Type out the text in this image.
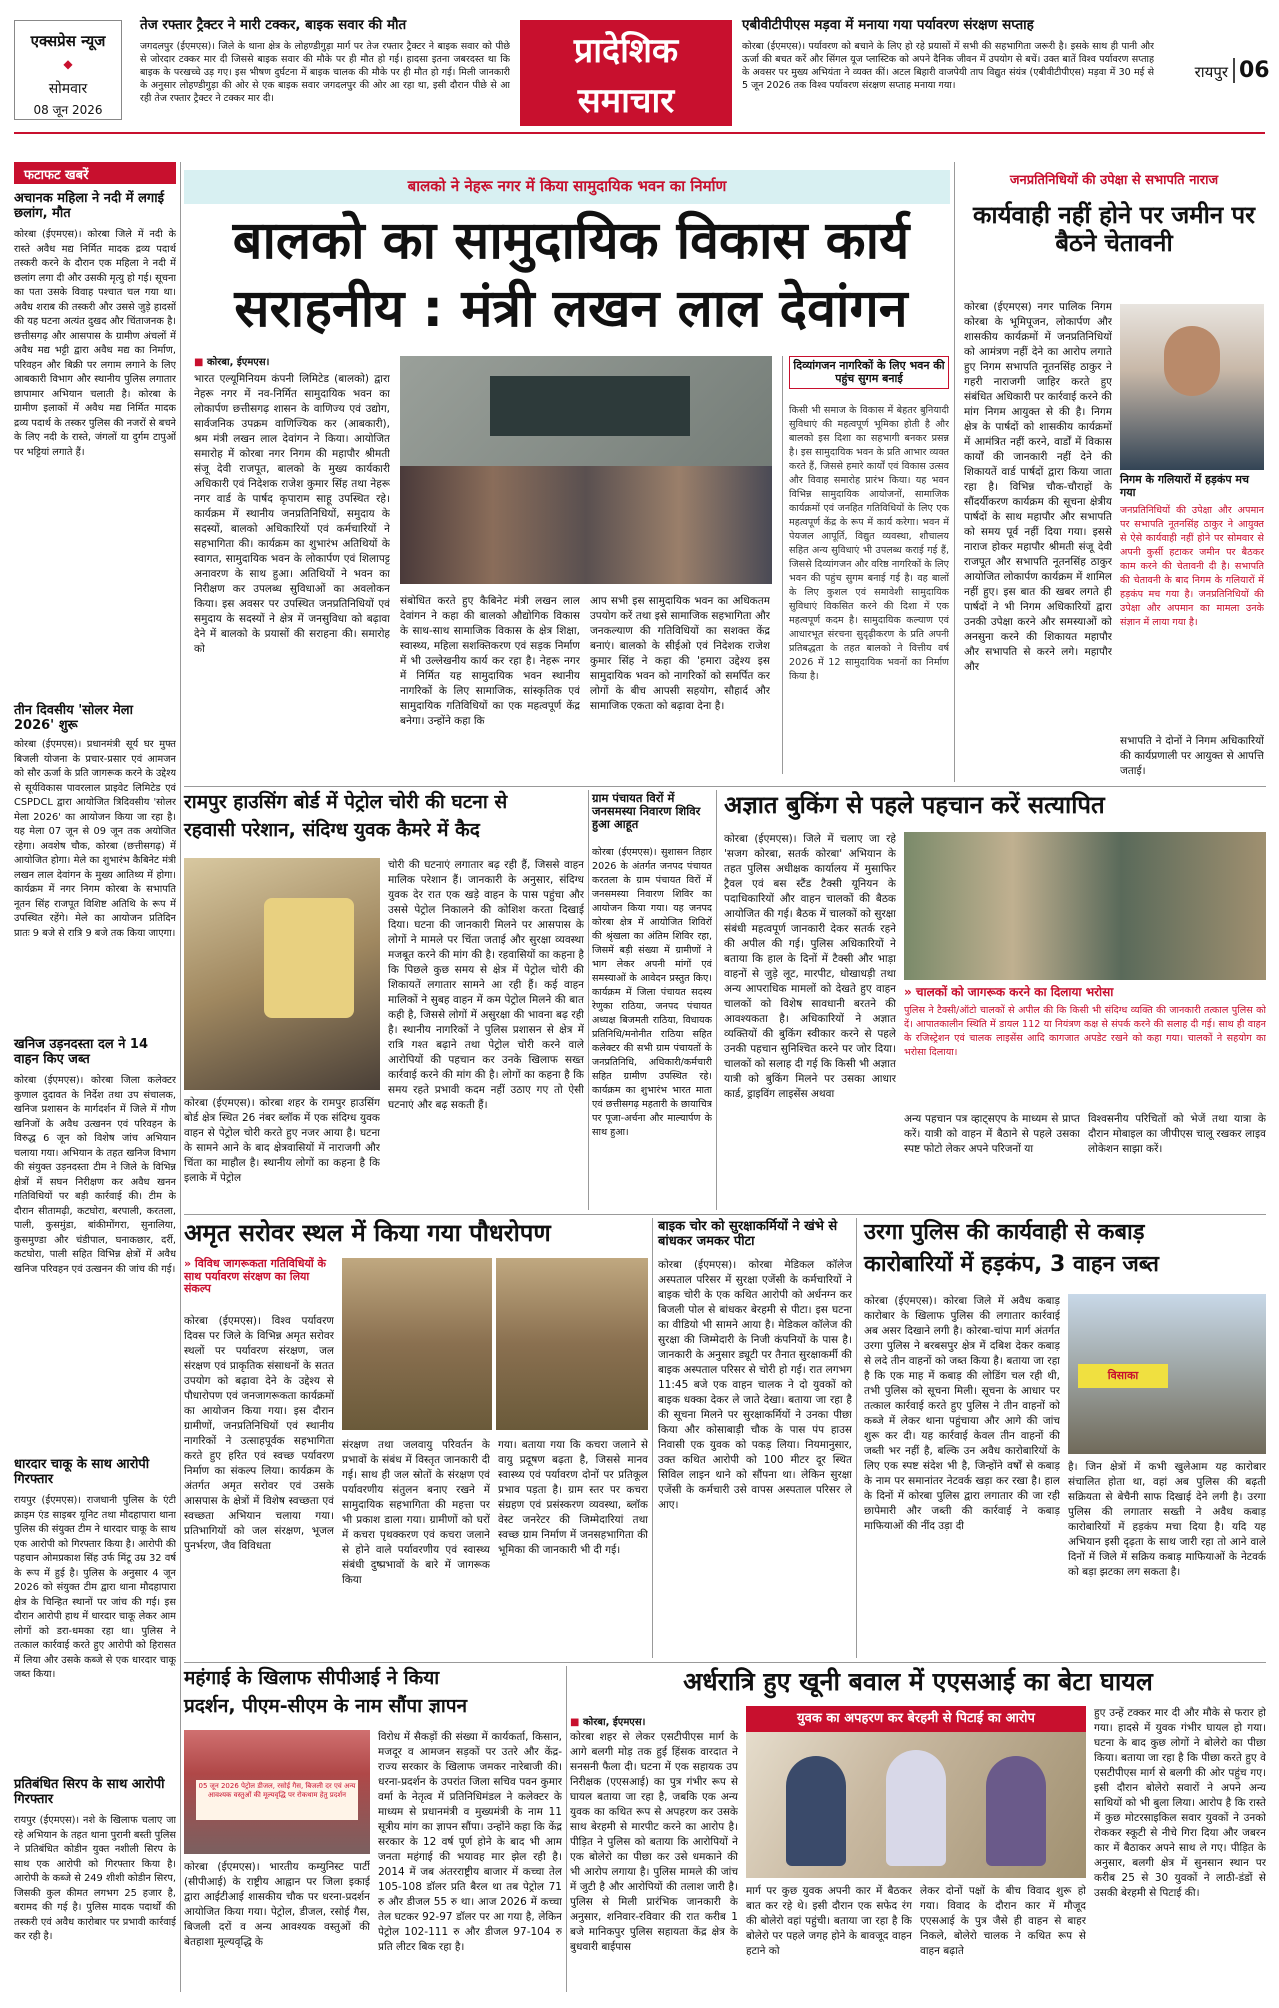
एक्सप्रेस न्यूज
◆
सोमवार
08 जून 2026
तेज रफ्तार ट्रैक्टर ने मारी टक्कर, बाइक सवार की मौत
जगदलपुर (ईएमएस)। जिले के थाना क्षेत्र के लोहण्डीगुड़ा मार्ग पर तेज रफ्तार ट्रैक्टर ने बाइक सवार को पीछे से जोरदार टक्कर मार दी जिससे बाइक सवार की मौके पर ही मौत हो गई। हादसा इतना जबरदस्त था कि बाइक के परखच्चे उड़ गए। इस भीषण दुर्घटना में बाइक चालक की मौके पर ही मौत हो गई। मिली जानकारी के अनुसार लोहण्डीगुड़ा की ओर से एक बाइक सवार जगदलपुर की ओर आ रहा था, इसी दौरान पीछे से आ रही तेज रफ्तार ट्रैक्टर ने टक्कर मार दी।
प्रादेशिक
समाचार
एबीवीटीपीएस मड़वा में मनाया गया पर्यावरण संरक्षण सप्ताह
कोरबा (ईएमएस)। पर्यावरण को बचाने के लिए हो रहे प्रयासों में सभी की सहभागिता जरूरी है। इसके साथ ही पानी और ऊर्जा की बचत करें और सिंगल यूज प्लास्टिक को अपने दैनिक जीवन में उपयोग से बचें। उक्त बातें विश्व पर्यावरण सप्ताह के अवसर पर मुख्य अभियंता ने व्यक्त कीं। अटल बिहारी वाजपेयी ताप विद्युत संयंत्र (एबीवीटीपीएस) मड़वा में 30 मई से 5 जून 2026 तक विश्व पर्यावरण संरक्षण सप्ताह मनाया गया।
रायपुर 06
फटाफट खबरें
अचानक महिला ने नदी में लगाई छलांग, मौत
कोरबा (ईएमएस)। कोरबा जिले में नदी के रास्ते अवैध मद्य निर्मित मादक द्रव्य पदार्थ तस्करी करने के दौरान एक महिला ने नदी में छलांग लगा दी और उसकी मृत्यु हो गई। सूचना का पता उसके विवाह पश्चात चल गया था। अवैध शराब की तस्करी और उससे जुड़े हादसों की यह घटना अत्यंत दुखद और चिंताजनक है। छत्तीसगढ़ और आसपास के ग्रामीण अंचलों में अवैध मद्य भट्टी द्वारा अवैध मद्य का निर्माण, परिवहन और बिक्री पर लगाम लगाने के लिए आबकारी विभाग और स्थानीय पुलिस लगातार छापामार अभियान चलाती है। कोरबा के ग्रामीण इलाकों में अवैध मद्य निर्मित मादक द्रव्य पदार्थ के तस्कर पुलिस की नजरों से बचने के लिए नदी के रास्ते, जंगलों या दुर्गम टापुओं पर भट्टियां लगाते हैं।
तीन दिवसीय 'सोलर मेला 2026' शुरू
कोरबा (ईएमएस)। प्रधानमंत्री सूर्य घर मुफ्त बिजली योजना के प्रचार-प्रसार एवं आमजन को सौर ऊर्जा के प्रति जागरूक करने के उद्देश्य से सूर्यविकास पावरलाल प्राइवेट लिमिटेड एवं CSPDCL द्वारा आयोजित त्रिदिवसीय 'सोलर मेला 2026' का आयोजन किया जा रहा है। यह मेला 07 जून से 09 जून तक अयोजित रहेगा। अवशेष चौक, कोरबा (छत्तीसगढ़) में आयोजित होगा। मेले का शुभारंभ कैबिनेट मंत्री लखन लाल देवांगन के मुख्य आतिथ्य में होगा। कार्यक्रम में नगर निगम कोरबा के सभापति नूतन सिंह राजपूत विशिष्ट अतिथि के रूप में उपस्थित रहेंगे। मेले का आयोजन प्रतिदिन प्रातः 9 बजे से रात्रि 9 बजे तक किया जाएगा।
खनिज उड़नदस्ता दल ने 14 वाहन किए जब्त
कोरबा (ईएमएस)। कोरबा जिला कलेक्टर कुणाल दुदावत के निर्देश तथा उप संचालक, खनिज प्रशासन के मार्गदर्शन में जिले में गौण खनिजों के अवैध उत्खनन एवं परिवहन के विरुद्ध 6 जून को विशेष जांच अभियान चलाया गया। अभियान के तहत खनिज विभाग की संयुक्त उड़नदस्ता टीम ने जिले के विभिन्न क्षेत्रों में सघन निरीक्षण कर अवैध खनन गतिविधियों पर बड़ी कार्रवाई की। टीम के दौरान सीतामढ़ी, कटघोरा, बरपाली, करतला, पाली, कुसमुंडा, बांकीमोंगरा, सुनालिया, कुसमुण्डा और चंडीपाल, घनाकछार, दर्री, कटघोरा, पाली सहित विभिन्न क्षेत्रों में अवैध खनिज परिवहन एवं उत्खनन की जांच की गई।
धारदार चाकू के साथ आरोपी गिरफ्तार
रायपुर (ईएमएस)। राजधानी पुलिस के एंटी क्राइम एंड साइबर यूनिट तथा मौदहापारा थाना पुलिस की संयुक्त टीम ने धारदार चाकू के साथ एक आरोपी को गिरफ्तार किया है। आरोपी की पहचान ओमप्रकाश सिंह उर्फ मिंटू उम्र 32 वर्ष के रूप में हुई है। पुलिस के अनुसार 4 जून 2026 को संयुक्त टीम द्वारा थाना मौदहापारा क्षेत्र के चिन्हित स्थानों पर जांच की गई। इस दौरान आरोपी हाथ में धारदार चाकू लेकर आम लोगों को डरा-धमका रहा था। पुलिस ने तत्काल कार्रवाई करते हुए आरोपी को हिरासत में लिया और उसके कब्जे से एक धारदार चाकू जब्त किया।
प्रतिबंधित सिरप के साथ आरोपी गिरफ्तार
रायपुर (ईएमएस)। नशे के खिलाफ चलाए जा रहे अभियान के तहत थाना पुरानी बस्ती पुलिस ने प्रतिबंधित कोडीन युक्त नशीली सिरप के साथ एक आरोपी को गिरफ्तार किया है। आरोपी के कब्जे से 249 शीशी कोडीन सिरप, जिसकी कुल कीमत लगभग 25 हजार है, बरामद की गई है। पुलिस मादक पदार्थों की तस्करी एवं अवैध कारोबार पर प्रभावी कार्रवाई कर रही है।
बालको ने नेहरू नगर में किया सामुदायिक भवन का निर्माण
बालको का सामुदायिक विकास कार्य
सराहनीय : मंत्री लखन लाल देवांगन
■ कोरबा, ईएमएस।
भारत एल्यूमिनियम कंपनी लिमिटेड (बालको) द्वारा नेहरू नगर में नव-निर्मित सामुदायिक भवन का लोकार्पण छत्तीसगढ़ शासन के वाणिज्य एवं उद्योग, सार्वजनिक उपक्रम वाणिज्यिक कर (आबकारी), श्रम मंत्री लखन लाल देवांगन ने किया। आयोजित समारोह में कोरबा नगर निगम की महापौर श्रीमती संजू देवी राजपूत, बालको के मुख्य कार्यकारी अधिकारी एवं निदेशक राजेश कुमार सिंह तथा नेहरू नगर वार्ड के पार्षद कृपाराम साहू उपस्थित रहे। कार्यक्रम में स्थानीय जनप्रतिनिधियों, समुदाय के सदस्यों, बालको अधिकारियों एवं कर्मचारियों ने सहभागिता की। कार्यक्रम का शुभारंभ अतिथियों के स्वागत, सामुदायिक भवन के लोकार्पण एवं शिलापट्ट अनावरण के साथ हुआ। अतिथियों ने भवन का निरीक्षण कर उपलब्ध सुविधाओं का अवलोकन किया। इस अवसर पर उपस्थित जनप्रतिनिधियों एवं समुदाय के सदस्यों ने क्षेत्र में जनसुविधा को बढ़ावा देने में बालको के प्रयासों की सराहना की। समारोह को
संबोधित करते हुए कैबिनेट मंत्री लखन लाल देवांगन ने कहा की बालको औद्योगिक विकास के साथ-साथ सामाजिक विकास के क्षेत्र शिक्षा, स्वास्थ्य, महिला सशक्तिकरण एवं सड़क निर्माण में भी उल्लेखनीय कार्य कर रहा है। नेहरू नगर में निर्मित यह सामुदायिक भवन स्थानीय नागरिकों के लिए सामाजिक, सांस्कृतिक एवं सामुदायिक गतिविधियों का एक महत्वपूर्ण केंद्र बनेगा। उन्होंने कहा कि
आप सभी इस सामुदायिक भवन का अधिकतम उपयोग करें तथा इसे सामाजिक सहभागिता और जनकल्याण की गतिविधियों का सशक्त केंद्र बनाएं। बालको के सीईओ एवं निदेशक राजेश कुमार सिंह ने कहा की 'हमारा उद्देश्य इस सामुदायिक भवन को नागरिकों को समर्पित कर लोगों के बीच आपसी सहयोग, सौहार्द और सामाजिक एकता को बढ़ावा देना है।
दिव्यांगजन नागरिकों के लिए भवन की पहुंच सुगम बनाई
किसी भी समाज के विकास में बेहतर बुनियादी सुविधाएं की महत्वपूर्ण भूमिका होती है और बालको इस दिशा का सहभागी बनकर प्रसन्न है। इस सामुदायिक भवन के प्रति आभार व्यक्त करते हैं, जिससे हमारे कार्यों एवं विकास उत्सव और विवाह समारोह प्रारंभ किया। यह भवन विभिन्न सामुदायिक आयोजनों, सामाजिक कार्यक्रमों एवं जनहित गतिविधियों के लिए एक महत्वपूर्ण केंद्र के रूप में कार्य करेगा। भवन में पेयजल आपूर्ति, विद्युत व्यवस्था, शौचालय सहित अन्य सुविधाएं भी उपलब्ध कराई गई हैं, जिससे दिव्यांगजन और वरिष्ठ नागरिकों के लिए भवन की पहुंच सुगम बनाई गई है। वह बालों के लिए कुशल एवं समावेशी सामुदायिक सुविधाएं विकसित करने की दिशा में एक महत्वपूर्ण कदम है। सामुदायिक कल्याण एवं आधारभूत संरचना सुदृढ़ीकरण के प्रति अपनी प्रतिबद्धता के तहत बालको ने वित्तीय वर्ष 2026 में 12 सामुदायिक भवनों का निर्माण किया है।
जनप्रतिनिधियों की उपेक्षा से सभापति नाराज
कार्यवाही नहीं होने पर जमीन पर बैठने चेतावनी
कोरबा (ईएमएस) नगर पालिक निगम कोरबा के भूमिपूजन, लोकार्पण और शासकीय कार्यक्रमों में जनप्रतिनिधियों को आमंत्रण नहीं देने का आरोप लगाते हुए निगम सभापति नूतनसिंह ठाकुर ने गहरी नाराजगी जाहिर करते हुए संबंधित अधिकारी पर कार्रवाई करने की मांग निगम आयुक्त से की है। निगम क्षेत्र के पार्षदों को शासकीय कार्यक्रमों में आमंत्रित नहीं करने, वार्डों में विकास कार्यों की जानकारी नहीं देने की शिकायतें वार्ड पार्षदों द्वारा किया जाता रहा है। विभिन्न चौक-चौराहों के सौंदर्यीकरण कार्यक्रम की सूचना क्षेत्रीय पार्षदों के साथ महापौर और सभापति को समय पूर्व नहीं दिया गया। इससे नाराज होकर महापौर श्रीमती संजू देवी राजपूत और सभापति नूतनसिंह ठाकुर आयोजित लोकार्पण कार्यक्रम में शामिल नहीं हुए। इस बात की खबर लगते ही पार्षदों ने भी निगम अधिकारियों द्वारा उनकी उपेक्षा करने और समस्याओं को अनसुना करने की शिकायत महापौर और सभापति से करने लगे। महापौर और
निगम के गलियारों में हड़कंप मच गया
जनप्रतिनिधियों की उपेक्षा और अपमान पर सभापति नूतनसिंह ठाकुर ने आयुक्त से ऐसे कार्यवाही नहीं होने पर सोमवार से अपनी कुर्सी हटाकर जमीन पर बैठकर काम करने की चेतावनी दी है। सभापति की चेतावनी के बाद निगम के गलियारों में हड़कंप मच गया है। जनप्रतिनिधियों की उपेक्षा और अपमान का मामला उनके संज्ञान में लाया गया है।
सभापति ने दोनों ने निगम अधिकारियों की कार्यप्रणाली पर आयुक्त से आपत्ति जताई।
रामपुर हाउसिंग बोर्ड में पेट्रोल चोरी की घटना से
रहवासी परेशान, संदिग्ध युवक कैमरे में कैद
कोरबा (ईएमएस)। कोरबा शहर के रामपुर हाउसिंग बोर्ड क्षेत्र स्थित 26 नंबर ब्लॉक में एक संदिग्ध युवक वाहन से पेट्रोल चोरी करते हुए नजर आया है। घटना के सामने आने के बाद क्षेत्रवासियों में नाराजगी और चिंता का माहौल है। स्थानीय लोगों का कहना है कि इलाके में पेट्रोल
चोरी की घटनाएं लगातार बढ़ रही हैं, जिससे वाहन मालिक परेशान हैं। जानकारी के अनुसार, संदिग्ध युवक देर रात एक खड़े वाहन के पास पहुंचा और उससे पेट्रोल निकालने की कोशिश करता दिखाई दिया। घटना की जानकारी मिलने पर आसपास के लोगों ने मामले पर चिंता जताई और सुरक्षा व्यवस्था मजबूत करने की मांग की है। रहवासियों का कहना है कि पिछले कुछ समय से क्षेत्र में पेट्रोल चोरी की शिकायतें लगातार सामने आ रही हैं। कई वाहन मालिकों ने सुबह वाहन में कम पेट्रोल मिलने की बात कही है, जिससे लोगों में असुरक्षा की भावना बढ़ रही है। स्थानीय नागरिकों ने पुलिस प्रशासन से क्षेत्र में रात्रि गश्त बढ़ाने तथा पेट्रोल चोरी करने वाले आरोपियों की पहचान कर उनके खिलाफ सख्त कार्रवाई करने की मांग की है। लोगों का कहना है कि समय रहते प्रभावी कदम नहीं उठाए गए तो ऐसी घटनाएं और बढ़ सकती हैं।
ग्राम पंचायत विरों में जनसमस्या निवारण शिविर हुआ आहूत
कोरबा (ईएमएस)। सुशासन तिहार 2026 के अंतर्गत जनपद पंचायत करतला के ग्राम पंचायत विरों में जनसमस्या निवारण शिविर का आयोजन किया गया। यह जनपद कोरबा क्षेत्र में आयोजित शिविरों की श्रृंखला का अंतिम शिविर रहा, जिसमें बड़ी संख्या में ग्रामीणों ने भाग लेकर अपनी मांगों एवं समस्याओं के आवेदन प्रस्तुत किए। कार्यक्रम में जिला पंचायत सदस्य रेणुका राठिया, जनपद पंचायत अध्यक्ष बिजमती राठिया, विधायक प्रतिनिधि/मनोनीत राठिया सहित कलेक्टर की सभी ग्राम पंचायतों के जनप्रतिनिधि, अधिकारी/कर्मचारी सहित ग्रामीण उपस्थित रहे। कार्यक्रम का शुभारंभ भारत माता एवं छत्तीसगढ़ महतारी के छायाचित्र पर पूजा-अर्चना और माल्यार्पण के साथ हुआ।
अज्ञात बुकिंग से पहले पहचान करें सत्यापित
कोरबा (ईएमएस)। जिले में चलाए जा रहे 'सजग कोरबा, सतर्क कोरबा' अभियान के तहत पुलिस अधीक्षक कार्यालय में मुसाफिर ट्रैवल एवं बस स्टैंड टैक्सी यूनियन के पदाधिकारियों और वाहन चालकों की बैठक आयोजित की गई। बैठक में चालकों को सुरक्षा संबंधी महत्वपूर्ण जानकारी देकर सतर्क रहने की अपील की गई। पुलिस अधिकारियों ने बताया कि हाल के दिनों में टैक्सी और भाड़ा वाहनों से जुड़े लूट, मारपीट, धोखाधड़ी तथा अन्य आपराधिक मामलों को देखते हुए वाहन चालकों को विशेष सावधानी बरतने की आवश्यकता है। अधिकारियों ने अज्ञात व्यक्तियों की बुकिंग स्वीकार करने से पहले उनकी पहचान सुनिश्चित करने पर जोर दिया। चालकों को सलाह दी गई कि किसी भी अज्ञात यात्री को बुकिंग मिलने पर उसका आधार कार्ड, ड्राइविंग लाइसेंस अथवा
» चालकों को जागरूक करने का दिलाया भरोसा
पुलिस ने टैक्सी/ऑटो चालकों से अपील की कि किसी भी संदिग्ध व्यक्ति की जानकारी तत्काल पुलिस को दें। आपातकालीन स्थिति में डायल 112 या नियंत्रण कक्ष से संपर्क करने की सलाह दी गई। साथ ही वाहन के रजिस्ट्रेशन एवं चालक लाइसेंस आदि कागजात अपडेट रखने को कहा गया। चालकों ने सहयोग का भरोसा दिलाया।
अन्य पहचान पत्र व्हाट्सएप के माध्यम से प्राप्त करें। यात्री को वाहन में बैठाने से पहले उसका स्पष्ट फोटो लेकर अपने परिजनों या
विश्वसनीय परिचितों को भेजें तथा यात्रा के दौरान मोबाइल का जीपीएस चालू रखकर लाइव लोकेशन साझा करें।
अमृत सरोवर स्थल में किया गया पौधरोपण
» विविध जागरूकता गतिविधियों के साथ पर्यावरण संरक्षण का लिया संकल्प
कोरबा (ईएमएस)। विश्व पर्यावरण दिवस पर जिले के विभिन्न अमृत सरोवर स्थलों पर पर्यावरण संरक्षण, जल संरक्षण एवं प्राकृतिक संसाधनों के सतत उपयोग को बढ़ावा देने के उद्देश्य से पौधारोपण एवं जनजागरूकता कार्यक्रमों का आयोजन किया गया। इस दौरान ग्रामीणों, जनप्रतिनिधियों एवं स्थानीय नागरिकों ने उत्साहपूर्वक सहभागिता करते हुए हरित एवं स्वच्छ पर्यावरण निर्माण का संकल्प लिया। कार्यक्रम के अंतर्गत अमृत सरोवर एवं उसके आसपास के क्षेत्रों में विशेष स्वच्छता एवं स्वच्छता अभियान चलाया गया। प्रतिभागियों को जल संरक्षण, भूजल पुनर्भरण, जैव विविधता
संरक्षण तथा जलवायु परिवर्तन के प्रभावों के संबंध में विस्तृत जानकारी दी गई। साथ ही जल स्रोतों के संरक्षण एवं पर्यावरणीय संतुलन बनाए रखने में सामुदायिक सहभागिता की महत्ता पर भी प्रकाश डाला गया। ग्रामीणों को घरों में कचरा पृथक्करण एवं कचरा जलाने से होने वाले पर्यावरणीय एवं स्वास्थ्य संबंधी दुष्प्रभावों के बारे में जागरूक किया
गया। बताया गया कि कचरा जलाने से वायु प्रदूषण बढ़ता है, जिससे मानव स्वास्थ्य एवं पर्यावरण दोनों पर प्रतिकूल प्रभाव पड़ता है। ग्राम स्तर पर कचरा संग्रहण एवं प्रसंस्करण व्यवस्था, ब्लॉक वेस्ट जनरेटर की जिम्मेदारियां तथा स्वच्छ ग्राम निर्माण में जनसहभागिता की भूमिका की जानकारी भी दी गई।
बाइक चोर को सुरक्षाकर्मियों ने खंभे से बांधकर जमकर पीटा
कोरबा (ईएमएस)। कोरबा मेडिकल कॉलेज अस्पताल परिसर में सुरक्षा एजेंसी के कर्मचारियों ने बाइक चोरी के एक कथित आरोपी को अर्धनग्न कर बिजली पोल से बांधकर बेरहमी से पीटा। इस घटना का वीडियो भी सामने आया है। मेडिकल कॉलेज की सुरक्षा की जिम्मेदारी के निजी कंपनियों के पास है। जानकारी के अनुसार ड्यूटी पर तैनात सुरक्षाकर्मी की बाइक अस्पताल परिसर से चोरी हो गई। रात लगभग 11:45 बजे एक वाहन चालक ने दो युवकों को बाइक धक्का देकर ले जाते देखा। बताया जा रहा है की सूचना मिलने पर सुरक्षाकर्मियों ने उनका पीछा किया और कोसाबाड़ी चौक के पास पंप हाउस निवासी एक युवक को पकड़ लिया। नियमानुसार, उक्त कथित आरोपी को 100 मीटर दूर स्थित सिविल लाइन थाने को सौंपना था। लेकिन सुरक्षा एजेंसी के कर्मचारी उसे वापस अस्पताल परिसर ले आए।
उरगा पुलिस की कार्यवाही से कबाड़
कारोबारियों में हड़कंप, 3 वाहन जब्त
कोरबा (ईएमएस)। कोरबा जिले में अवैध कबाड़ कारोबार के खिलाफ पुलिस की लगातार कार्रवाई अब असर दिखाने लगी है। कोरबा-चांपा मार्ग अंतर्गत उरगा पुलिस ने बरबसपुर क्षेत्र में दबिश देकर कबाड़ से लदे तीन वाहनों को जब्त किया है। बताया जा रहा है कि एक माह में कबाड़ की लोडिंग चल रही थी, तभी पुलिस को सूचना मिली। सूचना के आधार पर तत्काल कार्रवाई करते हुए पुलिस ने तीन वाहनों को कब्जे में लेकर थाना पहुंचाया और आगे की जांच शुरू कर दी। यह कार्रवाई केवल तीन वाहनों की जब्ती भर नहीं है, बल्कि उन अवैध कारोबारियों के लिए एक स्पष्ट संदेश भी है, जिन्होंने वर्षों से कबाड़ के नाम पर समानांतर नेटवर्क खड़ा कर रखा है। हाल के दिनों में कोरबा पुलिस द्वारा लगातार की जा रही छापेमारी और जब्ती की कार्रवाई ने कबाड़ माफियाओं की नींद उड़ा दी
विसाका
है। जिन क्षेत्रों में कभी खुलेआम यह कारोबार संचालित होता था, वहां अब पुलिस की बढ़ती सक्रियता से बेचैनी साफ दिखाई देने लगी है। उरगा पुलिस की लगातार सख्ती ने अवैध कबाड़ कारोबारियों में हड़कंप मचा दिया है। यदि यह अभियान इसी दृढ़ता के साथ जारी रहा तो आने वाले दिनों में जिले में सक्रिय कबाड़ माफियाओं के नेटवर्क को बड़ा झटका लग सकता है।
महंगाई के खिलाफ सीपीआई ने किया
प्रदर्शन, पीएम-सीएम के नाम सौंपा ज्ञापन
05 जून 2026 पेट्रोल डीजल, रसोई गैस, बिजली दर एवं अन्य आवश्यक वस्तुओं की मूल्यवृद्धि पर रोकथाम हेतु प्रदर्शन
कोरबा (ईएमएस)। भारतीय कम्युनिस्ट पार्टी (सीपीआई) के राष्ट्रीय आह्वान पर जिला इकाई द्वारा आईटीआई शासकीय चौक पर धरना-प्रदर्शन आयोजित किया गया। पेट्रोल, डीजल, रसोई गैस, बिजली दरों व अन्य आवश्यक वस्तुओं की बेतहाशा मूल्यवृद्धि के
विरोध में सैकड़ों की संख्या में कार्यकर्ता, किसान, मजदूर व आमजन सड़कों पर उतरे और केंद्र-राज्य सरकार के खिलाफ जमकर नारेबाजी की। धरना-प्रदर्शन के उपरांत जिला सचिव पवन कुमार वर्मा के नेतृत्व में प्रतिनिधिमंडल ने कलेक्टर के माध्यम से प्रधानमंत्री व मुख्यमंत्री के नाम 11 सूत्रीय मांग का ज्ञापन सौंपा। उन्होंने कहा कि केंद्र सरकार के 12 वर्ष पूर्ण होने के बाद भी आम जनता महंगाई की भयावह मार झेल रही है। 2014 में जब अंतरराष्ट्रीय बाजार में कच्चा तेल 105-108 डॉलर प्रति बैरल था तब पेट्रोल 71 रु और डीजल 55 रु था। आज 2026 में कच्चा तेल घटकर 92-97 डॉलर पर आ गया है, लेकिन पेट्रोल 102-111 रु और डीजल 97-104 रु प्रति लीटर बिक रहा है।
अर्धरात्रि हुए खूनी बवाल में एएसआई का बेटा घायल
■ कोरबा, ईएमएस।
कोरबा शहर से लेकर एसटीपीएस मार्ग के आगे बलगी मोड़ तक हुई हिंसक वारदात ने सनसनी फैला दी। घटना में एक सहायक उप निरीक्षक (एएसआई) का पुत्र गंभीर रूप से घायल बताया जा रहा है, जबकि एक अन्य युवक का कथित रूप से अपहरण कर उसके साथ बेरहमी से मारपीट करने का आरोप है। पीड़ित ने पुलिस को बताया कि आरोपियों ने एक बोलेरो का पीछा कर उसे धमकाने की भी आरोप लगाया है। पुलिस मामले की जांच में जुटी है और आरोपियों की तलाश जारी है। पुलिस से मिली प्रारंभिक जानकारी के अनुसार, शनिवार-रविवार की रात करीब 1 बजे मानिकपुर पुलिस सहायता केंद्र क्षेत्र के बुधवारी बाईपास
युवक का अपहरण कर बेरहमी से पिटाई का आरोप
मार्ग पर कुछ युवक अपनी कार में बैठकर बात कर रहे थे। इसी दौरान एक सफेद रंग की बोलेरो वहां पहुंची। बताया जा रहा है कि बोलेरो पर पहले जगह होने के बावजूद वाहन हटाने को
लेकर दोनों पक्षों के बीच विवाद शुरू हो गया। विवाद के दौरान कार में मौजूद एएसआई के पुत्र जैसे ही वाहन से बाहर निकले, बोलेरो चालक ने कथित रूप से वाहन बढ़ाते
हुए उन्हें टक्कर मार दी और मौके से फरार हो गया। हादसे में युवक गंभीर घायल हो गया। घटना के बाद कुछ लोगों ने बोलेरो का पीछा किया। बताया जा रहा है कि पीछा करते हुए वे एसटीपीएस मार्ग से बलगी की ओर पहुंच गए। इसी दौरान बोलेरो सवारों ने अपने अन्य साथियों को भी बुला लिया। आरोप है कि रास्ते में कुछ मोटरसाइकिल सवार युवकों ने उनको रोककर स्कूटी से नीचे गिरा दिया और जबरन कार में बैठाकर अपने साथ ले गए। पीड़ित के अनुसार, बलगी क्षेत्र में सुनसान स्थान पर करीब 25 से 30 युवकों ने लाठी-डंडों से उसकी बेरहमी से पिटाई की।
